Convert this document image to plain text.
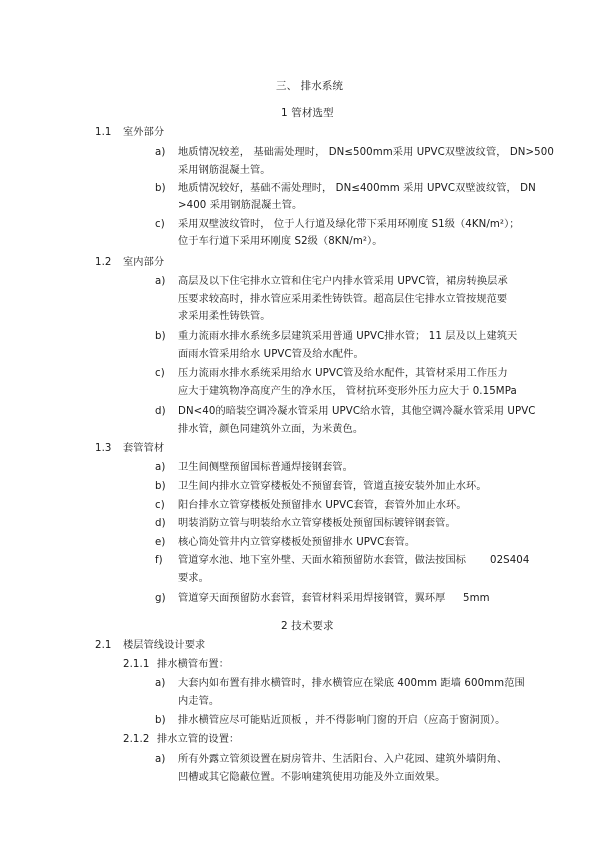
三、 排水系统
1 管材选型
1.1 室外部分
a) 地质情况较差， 基础需处理时， DN≤500mm采用 UPVC双壁波纹管， DN>500
采用钢筋混凝土管。
b) 地质情况较好，基础不需处理时， DN≤400mm 采用 UPVC双壁波纹管， DN
>400 采用钢筋混凝土管。
c) 采用双壁波纹管时， 位于人行道及绿化带下采用环刚度 S1级（4KN/m²）；
位于车行道下采用环刚度 S2级（8KN/m²）。
1.2 室内部分
a) 高层及以下住宅排水立管和住宅户内排水管采用 UPVC管，裙房转换层承
压要求较高时，排水管应采用柔性铸铁管。超高层住宅排水立管按规范要
求采用柔性铸铁管。
b) 重力流雨水排水系统多层建筑采用普通 UPVC排水管； 11 层及以上建筑天
面雨水管采用给水 UPVC管及给水配件。
c) 压力流雨水排水系统采用给水 UPVC管及给水配件，其管材采用工作压力
应大于建筑物净高度产生的净水压， 管材抗环变形外压力应大于 0.15MPa
d) DN<40的暗装空调冷凝水管采用 UPVC给水管，其他空调冷凝水管采用 UPVC
排水管，颜色同建筑外立面，为米黄色。
1.3 套管管材
a) 卫生间侧壁预留国标普通焊接钢套管。
b) 卫生间内排水立管穿楼板处不预留套管，管道直接安装外加止水环。
c) 阳台排水立管穿楼板处预留排水 UPVC套管，套管外加止水环。
d) 明装消防立管与明装给水立管穿楼板处预留国标镀锌钢套管。
e) 核心筒处管井内立管穿楼板处预留排水 UPVC套管。
f) 管道穿水池、地下室外壁、天面水箱预留防水套管，做法按国标 02S404
要求。
g) 管道穿天面预留防水套管，套管材料采用焊接钢管，翼环厚 5mm
2 技术要求
2.1 楼层管线设计要求
2.1.1 排水横管布置：
a) 大套内如布置有排水横管时，排水横管应在梁底 400mm 距墙 600mm范围
内走管。
b) 排水横管应尽可能贴近顶板 ，并不得影响门窗的开启（应高于窗洞顶）。
2.1.2 排水立管的设置：
a) 所有外露立管须设置在厨房管井、生活阳台、入户花园、建筑外墙阴角、
凹槽或其它隐蔽位置。不影响建筑使用功能及外立面效果。
